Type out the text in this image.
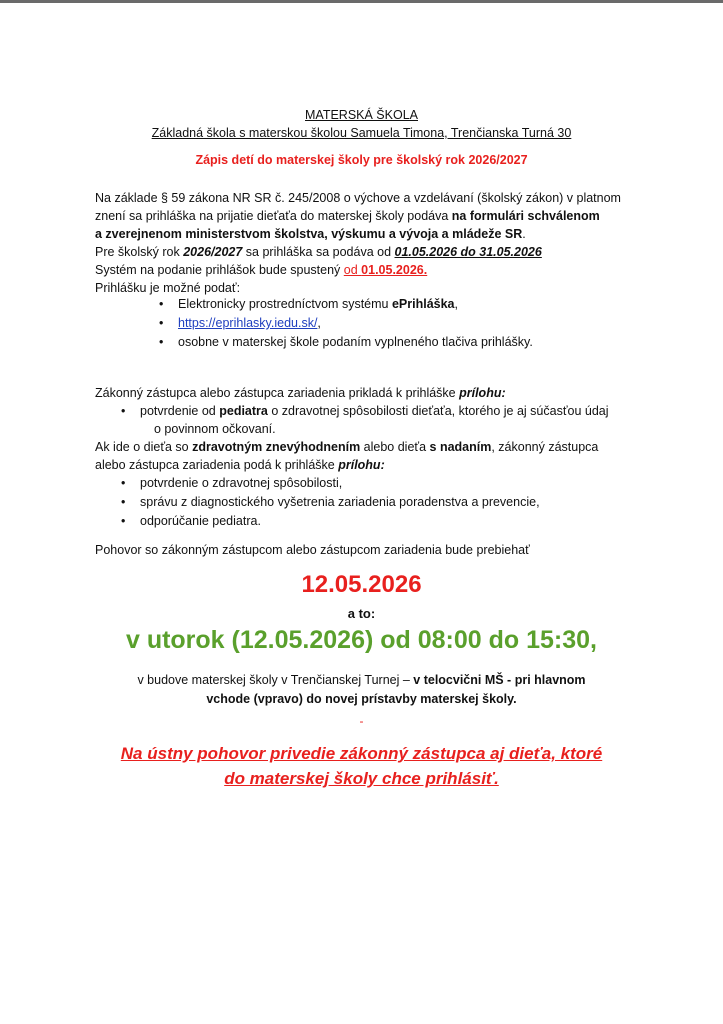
MATERSKÁ ŠKOLA
Základná škola s materskou školou Samuela Timona, Trenčianska Turná 30
Zápis detí do materskej školy pre školský rok 2026/2027
Na základe § 59 zákona NR SR č. 245/2008 o výchove a vzdelávaní (školský zákon) v platnom
znení sa prihláška na prijatie dieťaťa do materskej školy podáva na formulári schválenom
a zverejnenom ministerstvom školstva, výskumu a vývoja a mládeže SR.
Pre školský rok 2026/2027 sa prihláška sa podáva od 01.05.2026 do 31.05.2026
Systém na podanie prihlášok bude spustený od 01.05.2026.
Prihlášku je možné podať:
• Elektronicky prostredníctvom systému ePrihláška,
• https://eprihlasky.iedu.sk/,
• osobne v materskej škole podaním vyplneného tlačiva prihlášky.
Zákonný zástupca alebo zástupca zariadenia prikladá k prihláške prílohu:
• potvrdenie od pediatra o zdravotnej spôsobilosti dieťaťa, ktorého je aj súčasťou údaj
o povinnom očkovaní.
Ak ide o dieťa so zdravotným znevýhodnením alebo dieťa s nadaním, zákonný zástupca
alebo zástupca zariadenia podá k prihláške prílohu:
• potvrdenie o zdravotnej spôsobilosti,
• správu z diagnostického vyšetrenia zariadenia poradenstva a prevencie,
• odporúčanie pediatra.
Pohovor so zákonným zástupcom alebo zástupcom zariadenia bude prebiehať
12.05.2026
a to:
v utorok (12.05.2026) od 08:00 do 15:30,
v budove materskej školy v Trenčianskej Turnej – v telocvični MŠ - pri hlavnom
vchode (vpravo) do novej prístavby materskej školy.
-
Na ústny pohovor privedie zákonný zástupca aj dieťa, ktoré
do materskej školy chce prihlásiť.
